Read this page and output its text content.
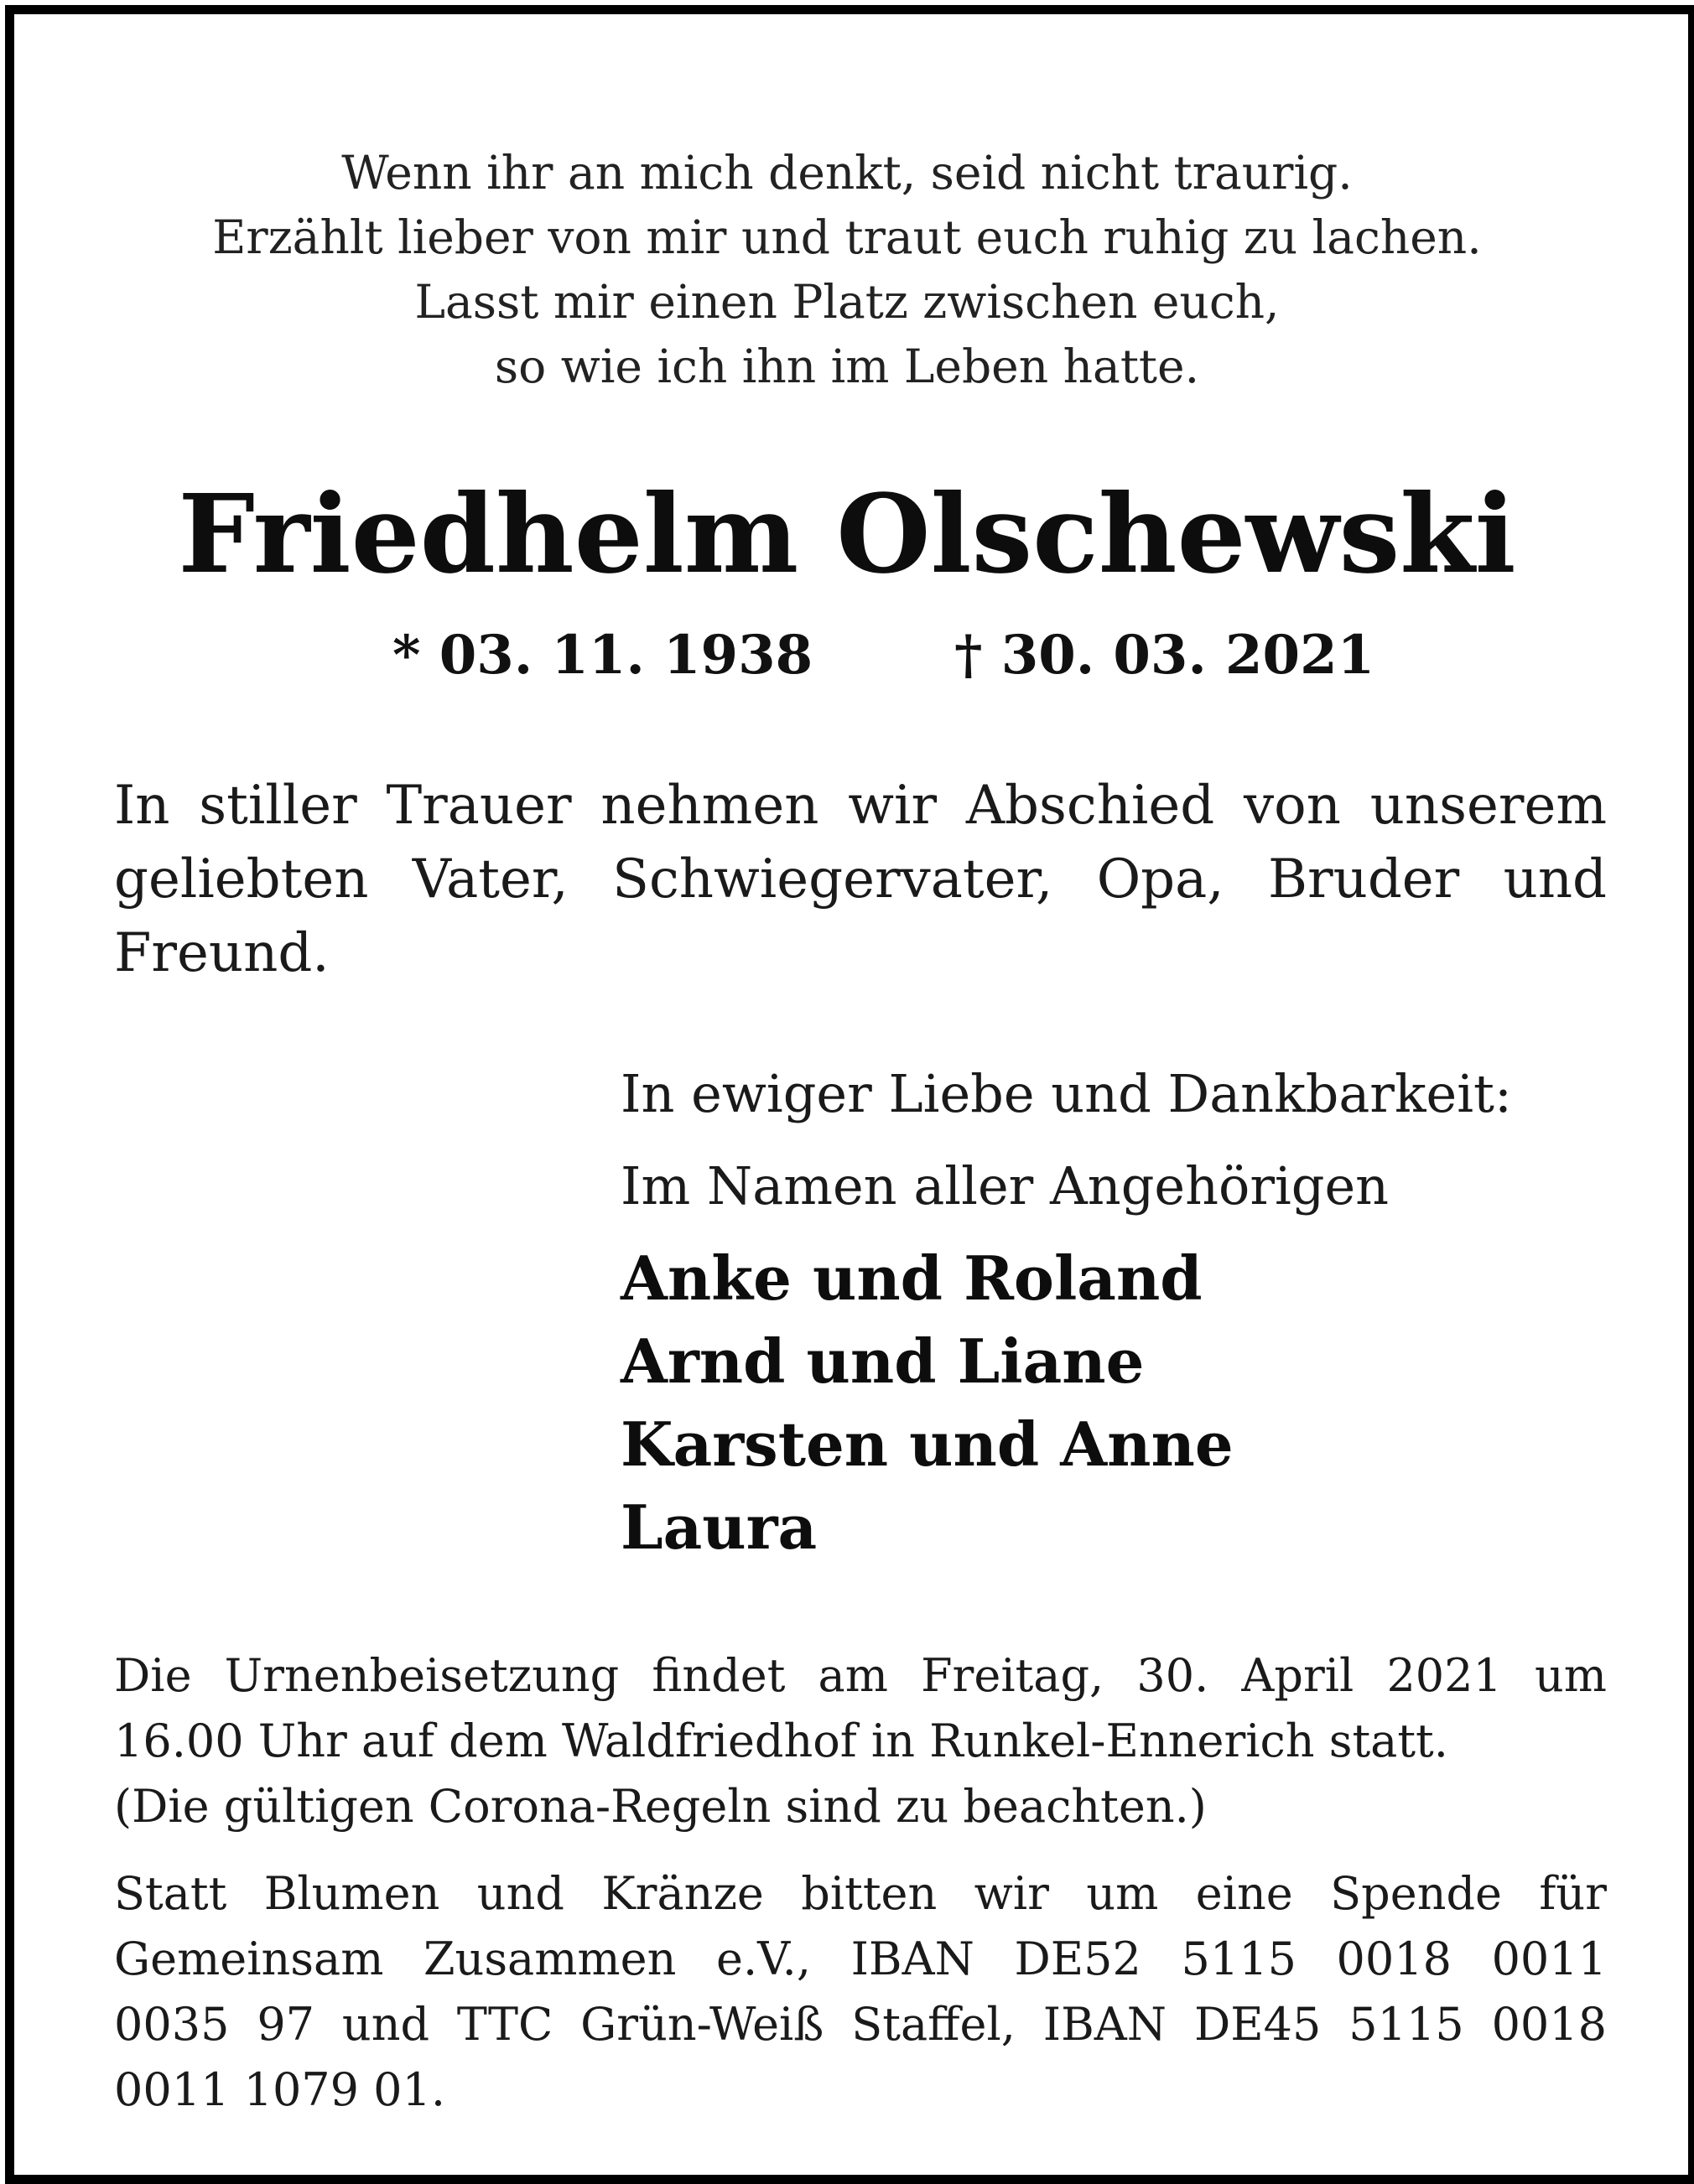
Wenn ihr an mich denkt, seid nicht traurig.
Erzählt lieber von mir und traut euch ruhig zu lachen.
Lasst mir einen Platz zwischen euch,
so wie ich ihn im Leben hatte.
Friedhelm Olschewski
* 03. 11. 1938	† 30. 03. 2021
In stiller Trauer nehmen wir Abschied von unserem
geliebten Vater, Schwiegervater, Opa, Bruder und
Freund.
In ewiger Liebe und Dankbarkeit:
Im Namen aller Angehörigen
Anke und Roland
Arnd und Liane
Karsten und Anne
Laura
Die Urnenbeisetzung findet am Freitag, 30. April 2021 um
16.00 Uhr auf dem Waldfriedhof in Runkel-Ennerich statt.
(Die gültigen Corona-Regeln sind zu beachten.)
Statt Blumen und Kränze bitten wir um eine Spende für
Gemeinsam Zusammen e.V., IBAN DE52 5115 0018 0011
0035 97 und TTC Grün-Weiß Staffel, IBAN DE45 5115 0018
0011 1079 01.
